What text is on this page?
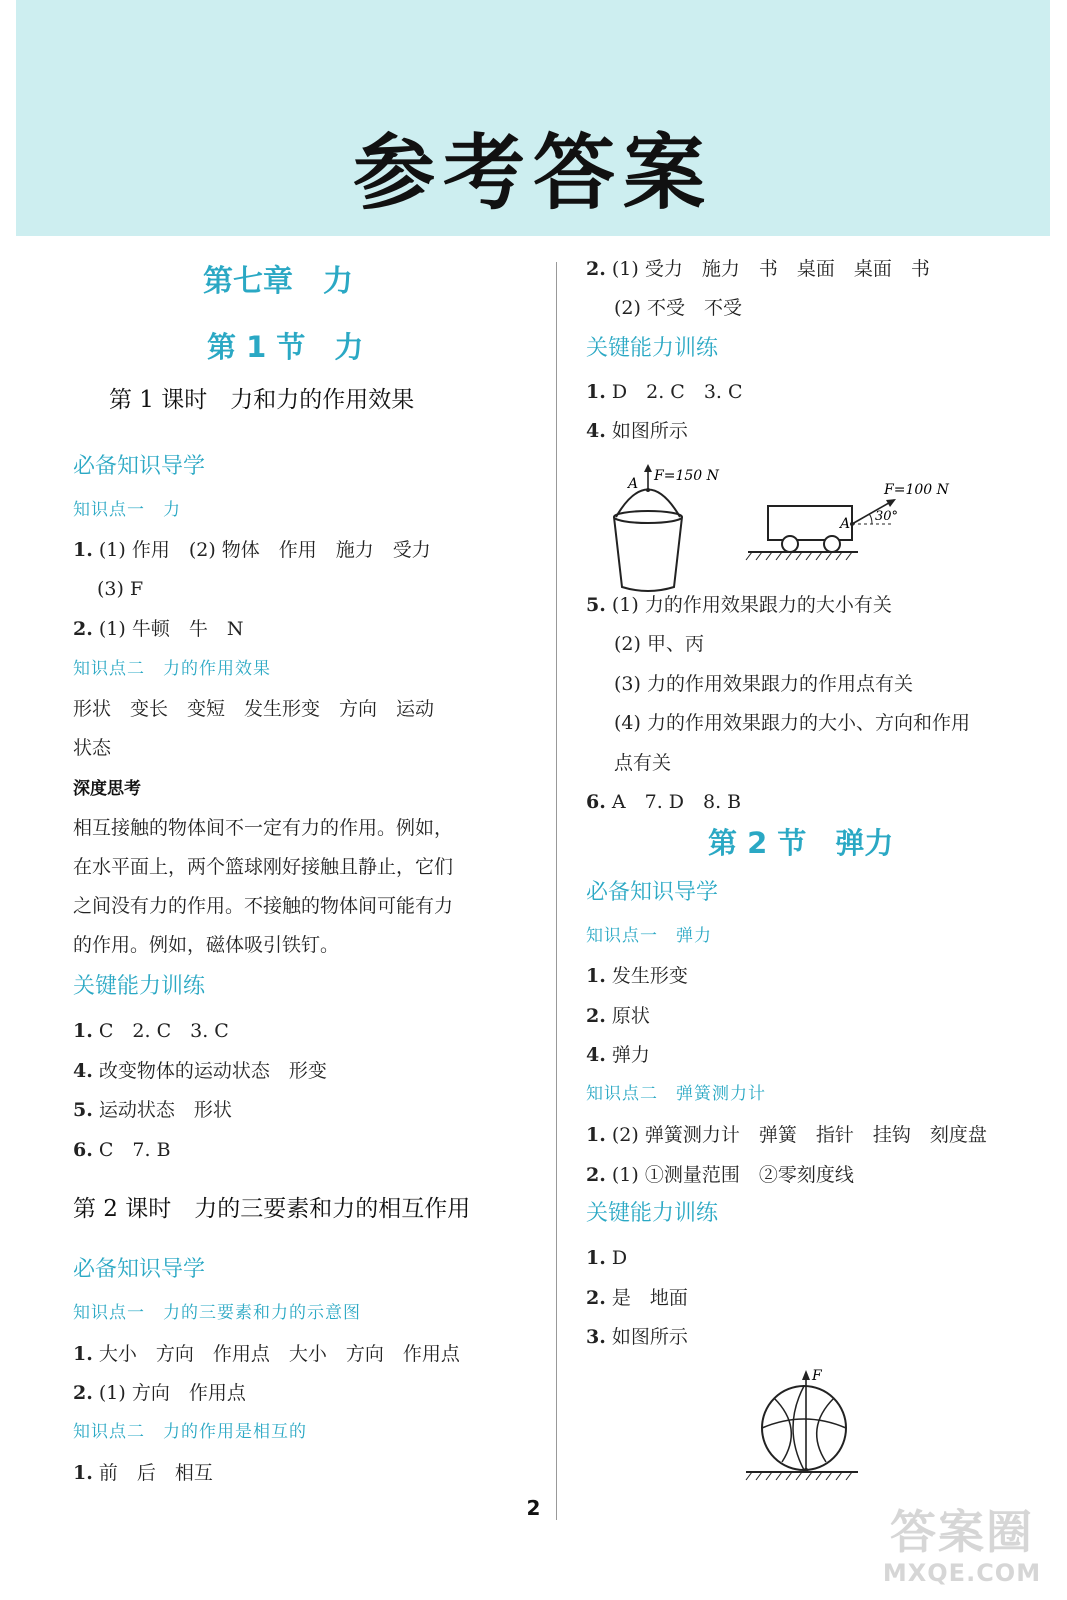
参考答案
第七章　力
第 1 节　力
第 1 课时　力和力的作用效果
必备知识导学
知识点一　力
1. (1) 作用　(2) 物体　作用　施力　受力
(3) F
2. (1) 牛顿　牛　N
知识点二　力的作用效果
形状　变长　变短　发生形变　方向　运动
状态
深度思考
相互接触的物体间不一定有力的作用。例如，
在水平面上，两个篮球刚好接触且静止，它们
之间没有力的作用。不接触的物体间可能有力
的作用。例如，磁体吸引铁钉。
关键能力训练
1. C　2. C　3. C
4. 改变物体的运动状态　形变
5. 运动状态　形状
6. C　7. B
第 2 课时　力的三要素和力的相互作用
必备知识导学
知识点一　力的三要素和力的示意图
1. 大小　方向　作用点　大小　方向　作用点
2. (1) 方向　作用点
知识点二　力的作用是相互的
1. 前　后　相互
2. (1) 受力　施力　书　桌面　桌面　书
(2) 不受　不受
关键能力训练
1. D　2. C　3. C
4. 如图所示
5. (1) 力的作用效果跟力的大小有关
(2) 甲、丙
(3) 力的作用效果跟力的作用点有关
(4) 力的作用效果跟力的大小、方向和作用
点有关
6. A　7. D　8. B
第 2 节　弹力
必备知识导学
知识点一　弹力
1. 发生形变
2. 原状
4. 弹力
知识点二　弹簧测力计
1. (2) 弹簧测力计　弹簧　指针　挂钩　刻度盘
2. (1) ①测量范围　②零刻度线
关键能力训练
1. D
2. 是　地面
3. 如图所示
A F=150 N
A
F=100 N
30°
F
2	答案圈
MXQE.COM
